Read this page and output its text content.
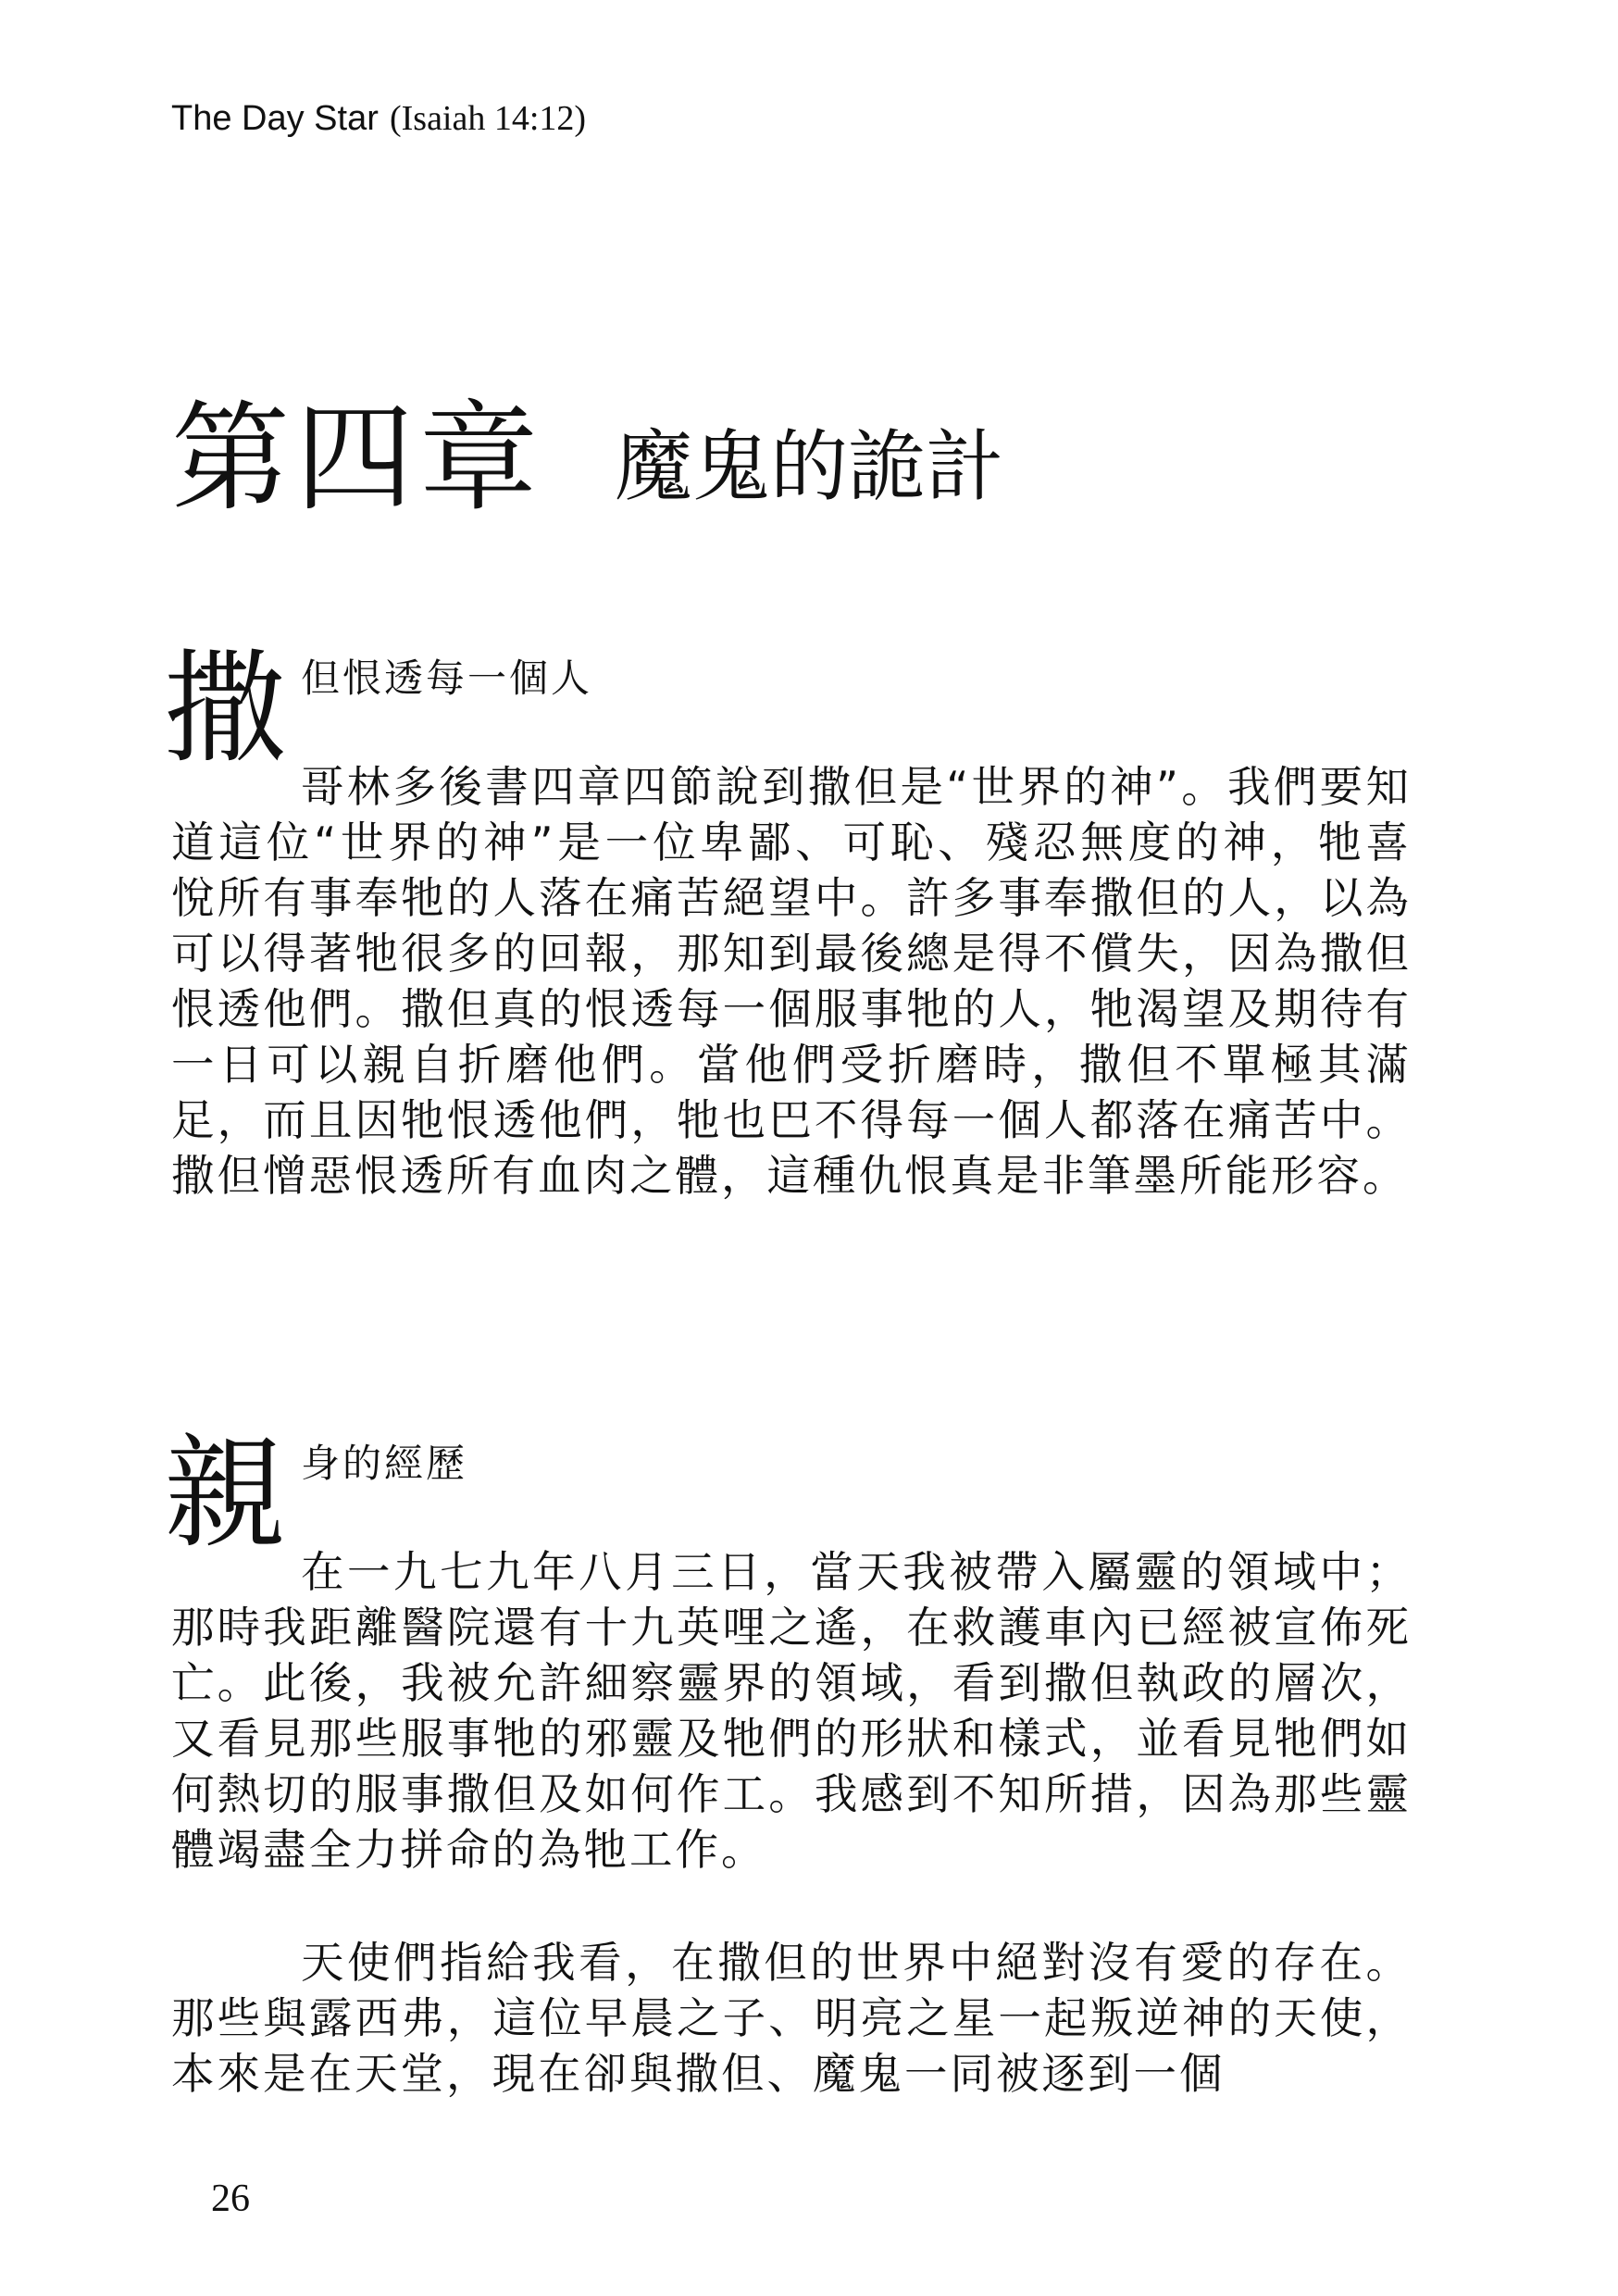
The Day Star (Isaiah 14:12)
第四章 魔鬼的詭計
撒 但恨透每一個人

哥林多後書四章四節說到撒但是“世界的神”。我們要知道這位“世界的神”是一位卑鄙、可恥、殘忍無度的神，牠喜悅所有事奉牠的人落在痛苦絕望中。許多事奉撒但的人，以為可以得著牠很多的回報，那知到最後總是得不償失，因為撒但恨透他們。撒但真的恨透每一個服事牠的人，牠渴望及期待有一日可以親自折磨他們。當他們受折磨時，撒但不單極其滿足，而且因牠恨透他們，牠也巴不得每一個人都落在痛苦中。撒但憎惡恨透所有血肉之體，這種仇恨真是非筆墨所能形容。

親 身的經歷

在一九七九年八月三日，當天我被帶入屬靈的領域中；那時我距離醫院還有十九英哩之遙，在救護車內已經被宣佈死亡。此後，我被允許細察靈界的領域，看到撒但執政的層次，又看見那些服事牠的邪靈及牠們的形狀和樣式，並看見牠們如何熱切的服事撒但及如何作工。我感到不知所措，因為那些靈體竭盡全力拼命的為牠工作。

天使們指給我看，在撒但的世界中絕對沒有愛的存在。那些與露西弗，這位早晨之子、明亮之星一起叛逆神的天使，本來是在天堂，現在卻與撒但、魔鬼一同被逐到一個

26
